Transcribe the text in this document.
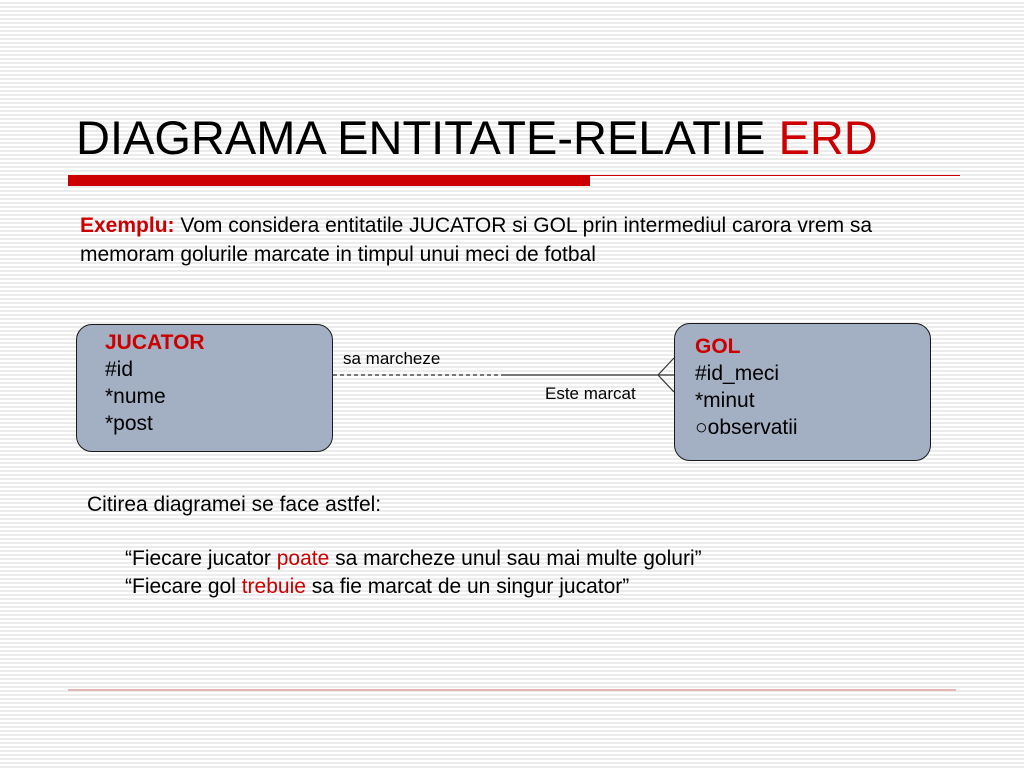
DIAGRAMA ENTITATE-RELATIE ERD
Exemplu: Vom considera entitatile JUCATOR si GOL prin intermediul carora vrem sa memoram golurile marcate in timpul unui meci de fotbal
JUCATOR
#id
*nume
*post
GOL
#id_meci
*minut
○observatii
sa marcheze
Este marcat
Citirea diagramei se face astfel:
“Fiecare jucator poate sa marcheze unul sau mai multe goluri”
“Fiecare gol trebuie sa fie marcat de un singur jucator”
